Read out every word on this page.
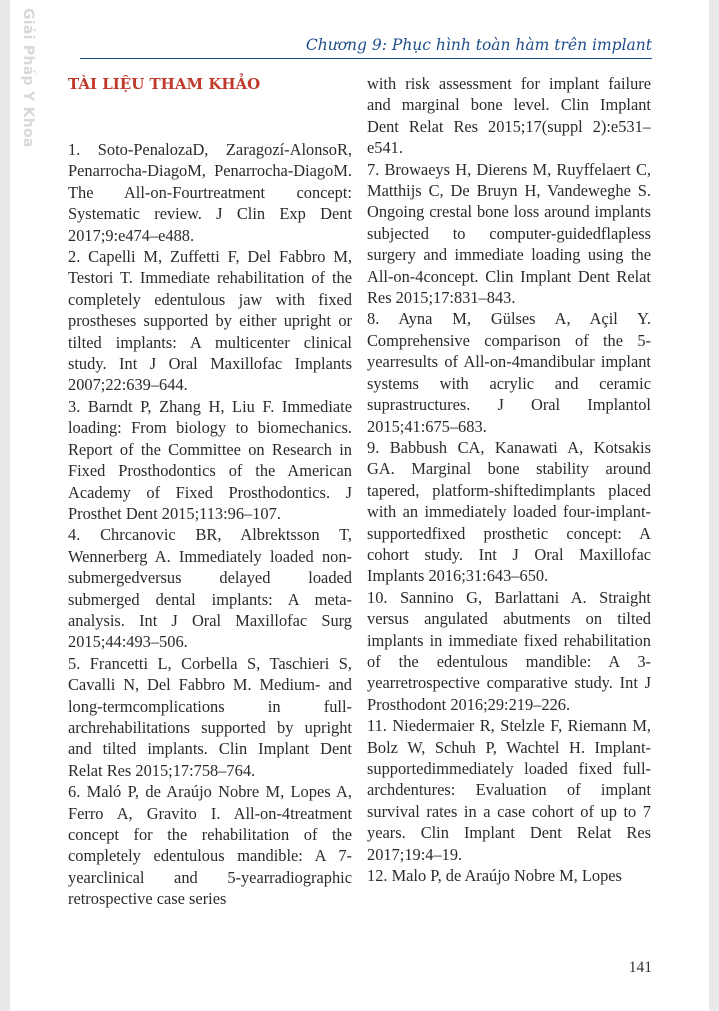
Giải Pháp Y Khoa	Chương 9: Phục hình toàn hàm trên implant
TÀI LIỆU THAM KHẢO

1. Soto-PenalozaD, Zaragozí-AlonsoR, Penarrocha-DiagoM, Penarrocha-DiagoM. The All-on-Fourtreatment concept: Systematic review. J Clin Exp Dent 2017;9:e474–e488.

2. Capelli M, Zuffetti F, Del Fabbro M, Testori T. Immediate rehabilitation of the completely edentulous jaw with fixed prostheses supported by either upright or tilted implants: A multicenter clinical study. Int J Oral Maxillofac Implants 2007;22:639–644.

3. Barndt P, Zhang H, Liu F. Immediate loading: From biology to biomechanics. Report of the Committee on Research in Fixed Prosthodontics of the American Academy of Fixed Prosthodontics. J Prosthet Dent 2015;113:96–107.

4. Chrcanovic BR, Albrektsson T, Wennerberg A. Immediately loaded non-submergedversus delayed loaded submerged dental implants: A meta-analysis. Int J Oral Maxillofac Surg 2015;44:493–506.

5. Francetti L, Corbella S, Taschieri S, Cavalli N, Del Fabbro M. Medium- and long-termcomplications in full-archrehabilitations supported by upright and tilted implants. Clin Implant Dent Relat Res 2015;17:758–764.

6. Maló P, de Araújo Nobre M, Lopes A, Ferro A, Gravito I. All-on-4treatment concept for the rehabilitation of the completely edentulous mandible: A 7-yearclinical and 5-yearradiographic retrospective case series

with risk assessment for implant failure and marginal bone level. Clin Implant Dent Relat Res 2015;17(suppl 2):e531–e541.

7. Browaeys H, Dierens M, Ruyffelaert C, Matthijs C, De Bruyn H, Vandeweghe S. Ongoing crestal bone loss around implants subjected to computer-guidedflapless surgery and immediate loading using the All-on-4concept. Clin Implant Dent Relat Res 2015;17:831–843.

8. Ayna M, Gülses A, Açil Y. Comprehensive comparison of the 5-yearresults of All-on-4mandibular implant systems with acrylic and ceramic suprastructures. J Oral Implantol 2015;41:675–683.

9. Babbush CA, Kanawati A, Kotsakis GA. Marginal bone stability around tapered, platform-shiftedimplants placed with an immediately loaded four-implant-supportedfixed prosthetic concept: A cohort study. Int J Oral Maxillofac Implants 2016;31:643–650.

10. Sannino G, Barlattani A. Straight versus angulated abutments on tilted implants in immediate fixed rehabilitation of the edentulous mandible: A 3-yearretrospective comparative study. Int J Prosthodont 2016;29:219–226.

11. Niedermaier R, Stelzle F, Riemann M, Bolz W, Schuh P, Wachtel H. Implant-supportedimmediately loaded fixed full-archdentures: Evaluation of implant survival rates in a case cohort of up to 7 years. Clin Implant Dent Relat Res 2017;19:4–19.

12. Malo P, de Araújo Nobre M, Lopes

141
